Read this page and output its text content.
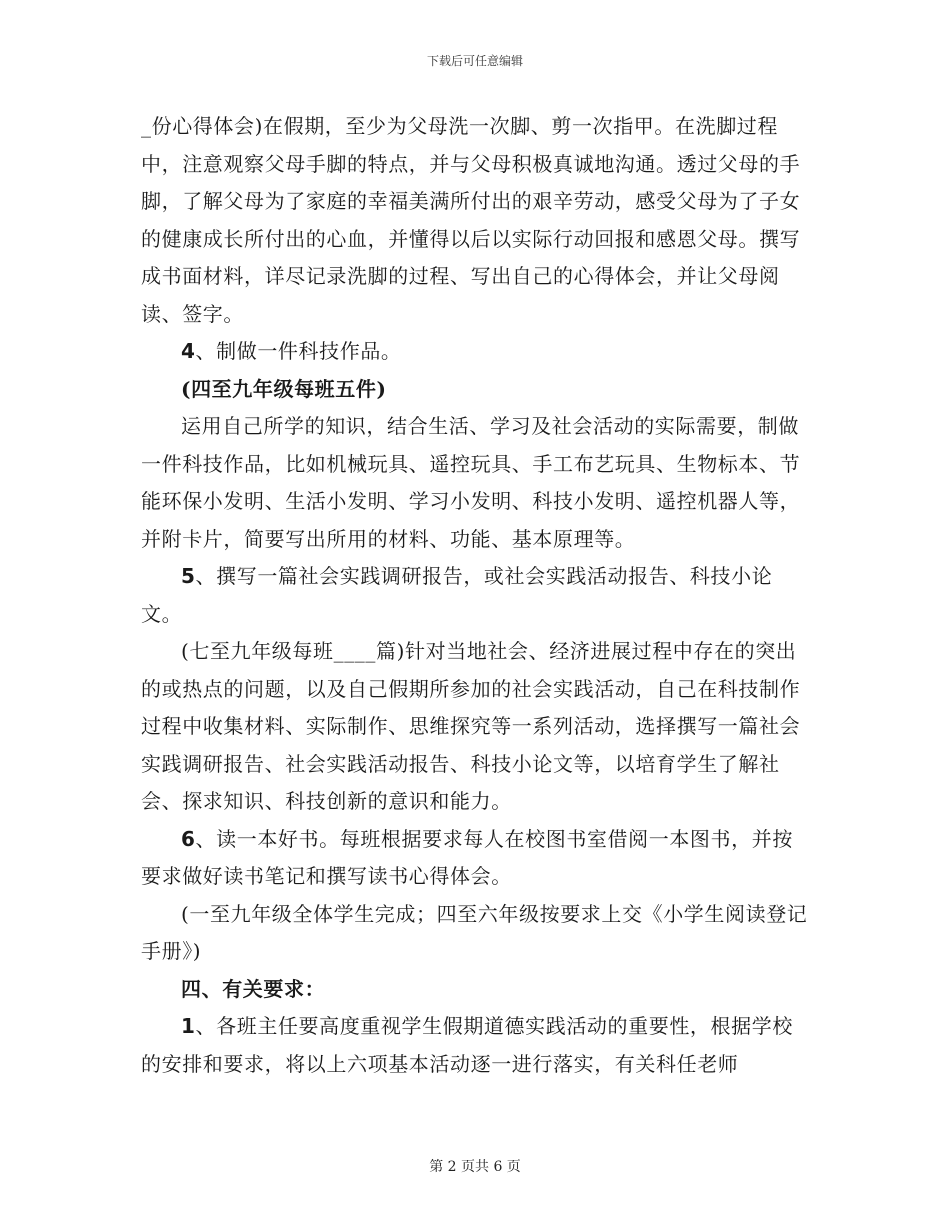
下载后可任意编辑

_份心得体会)在假期，至少为父母洗一次脚、剪一次指甲。在洗脚过程中，注意观察父母手脚的特点，并与父母积极真诚地沟通。透过父母的手脚，了解父母为了家庭的幸福美满所付出的艰辛劳动，感受父母为了子女的健康成长所付出的心血，并懂得以后以实际行动回报和感恩父母。撰写成书面材料，详尽记录洗脚的过程、写出自己的心得体会，并让父母阅读、签字。

4、制做一件科技作品。

(四至九年级每班五件)

运用自己所学的知识，结合生活、学习及社会活动的实际需要，制做一件科技作品，比如机械玩具、遥控玩具、手工布艺玩具、生物标本、节能环保小发明、生活小发明、学习小发明、科技小发明、遥控机器人等，并附卡片，简要写出所用的材料、功能、基本原理等。

5、撰写一篇社会实践调研报告，或社会实践活动报告、科技小论文。

(七至九年级每班____篇)针对当地社会、经济进展过程中存在的突出的或热点的问题，以及自己假期所参加的社会实践活动，自己在科技制作过程中收集材料、实际制作、思维探究等一系列活动，选择撰写一篇社会实践调研报告、社会实践活动报告、科技小论文等，以培育学生了解社会、探求知识、科技创新的意识和能力。

6、读一本好书。每班根据要求每人在校图书室借阅一本图书，并按要求做好读书笔记和撰写读书心得体会。

(一至九年级全体学生完成；四至六年级按要求上交《小学生阅读登记手册》)

四、有关要求：

1、各班主任要高度重视学生假期道德实践活动的重要性，根据学校的安排和要求，将以上六项基本活动逐一进行落实，有关科任老师

第 2 页共 6 页
